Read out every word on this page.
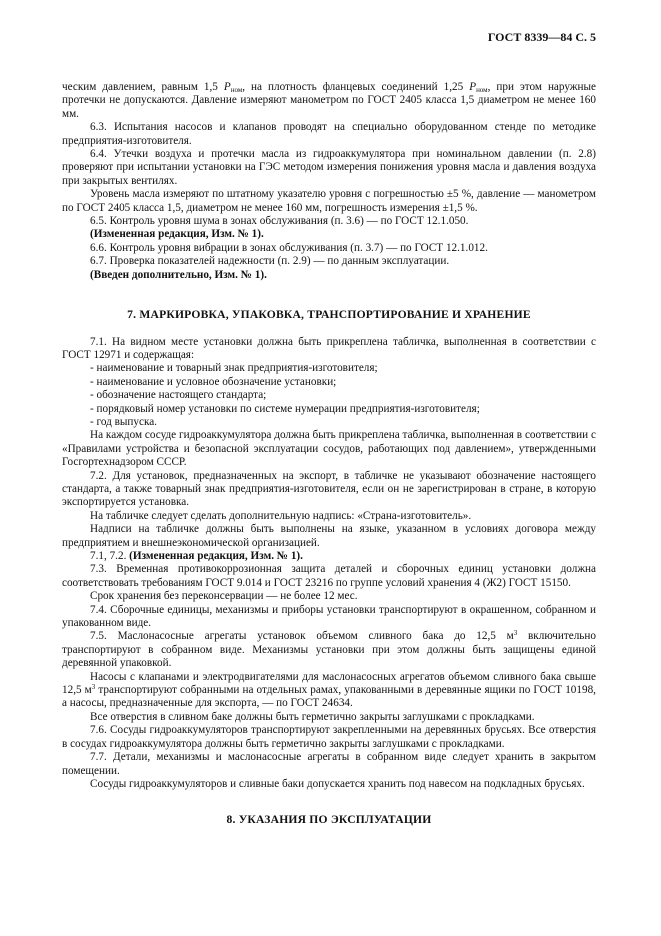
ГОСТ 8339—84 С. 5

ческим давлением, равным 1,5 $P_{ном}$, на плотность фланцевых соединений 1,25 $P_{ном}$, при этом наружные протечки не допускаются. Давление измеряют манометром по ГОСТ 2405 класса 1,5 диаметром не менее 160 мм.

6.3. Испытания насосов и клапанов проводят на специально оборудованном стенде по методике предприятия-изготовителя.

6.4. Утечки воздуха и протечки масла из гидроаккумулятора при номинальном давлении (п. 2.8) проверяют при испытании установки на ГЭС методом измерения понижения уровня масла и давления воздуха при закрытых вентилях.

Уровень масла измеряют по штатному указателю уровня с погрешностью ±5 %, давление — манометром по ГОСТ 2405 класса 1,5, диаметром не менее 160 мм, погрешность измерения ±1,5 %.

6.5. Контроль уровня шума в зонах обслуживания (п. 3.6) — по ГОСТ 12.1.050.

(Измененная редакция, Изм. № 1).

6.6. Контроль уровня вибрации в зонах обслуживания (п. 3.7) — по ГОСТ 12.1.012.

6.7. Проверка показателей надежности (п. 2.9) — по данным эксплуатации.

(Введен дополнительно, Изм. № 1).

7. МАРКИРОВКА, УПАКОВКА, ТРАНСПОРТИРОВАНИЕ И ХРАНЕНИЕ

7.1. На видном месте установки должна быть прикреплена табличка, выполненная в соответствии с ГОСТ 12971 и содержащая:

- наименование и товарный знак предприятия-изготовителя;

- наименование и условное обозначение установки;

- обозначение настоящего стандарта;

- порядковый номер установки по системе нумерации предприятия-изготовителя;

- год выпуска.

На каждом сосуде гидроаккумулятора должна быть прикреплена табличка, выполненная в соответствии с «Правилами устройства и безопасной эксплуатации сосудов, работающих под давлением», утвержденными Госгортехнадзором СССР.

7.2. Для установок, предназначенных на экспорт, в табличке не указывают обозначение настоящего стандарта, а также товарный знак предприятия-изготовителя, если он не зарегистрирован в стране, в которую экспортируется установка.

На табличке следует сделать дополнительную надпись: «Страна-изготовитель».

Надписи на табличке должны быть выполнены на языке, указанном в условиях договора между предприятием и внешнеэкономической организацией.

7.1, 7.2. (Измененная редакция, Изм. № 1).

7.3. Временная противокоррозионная защита деталей и сборочных единиц установки должна соответствовать требованиям ГОСТ 9.014 и ГОСТ 23216 по группе условий хранения 4 (Ж2) ГОСТ 15150.

Срок хранения без переконсервации — не более 12 мес.

7.4. Сборочные единицы, механизмы и приборы установки транспортируют в окрашенном, собранном и упакованном виде.

7.5. Маслонасосные агрегаты установок объемом сливного бака до 12,5 $м^3$ включительно транспортируют в собранном виде. Механизмы установки при этом должны быть защищены единой деревянной упаковкой.

Насосы с клапанами и электродвигателями для маслонасосных агрегатов объемом сливного бака свыше 12,5 $м^3$ транспортируют собранными на отдельных рамах, упакованными в деревянные ящики по ГОСТ 10198, а насосы, предназначенные для экспорта, — по ГОСТ 24634.

Все отверстия в сливном баке должны быть герметично закрыты заглушками с прокладками.

7.6. Сосуды гидроаккумуляторов транспортируют закрепленными на деревянных брусьях. Все отверстия в сосудах гидроаккумулятора должны быть герметично закрыты заглушками с прокладками.

7.7. Детали, механизмы и маслонасосные агрегаты в собранном виде следует хранить в закрытом помещении.

Сосуды гидроаккумуляторов и сливные баки допускается хранить под навесом на подкладных брусьях.

8. УКАЗАНИЯ ПО ЭКСПЛУАТАЦИИ
